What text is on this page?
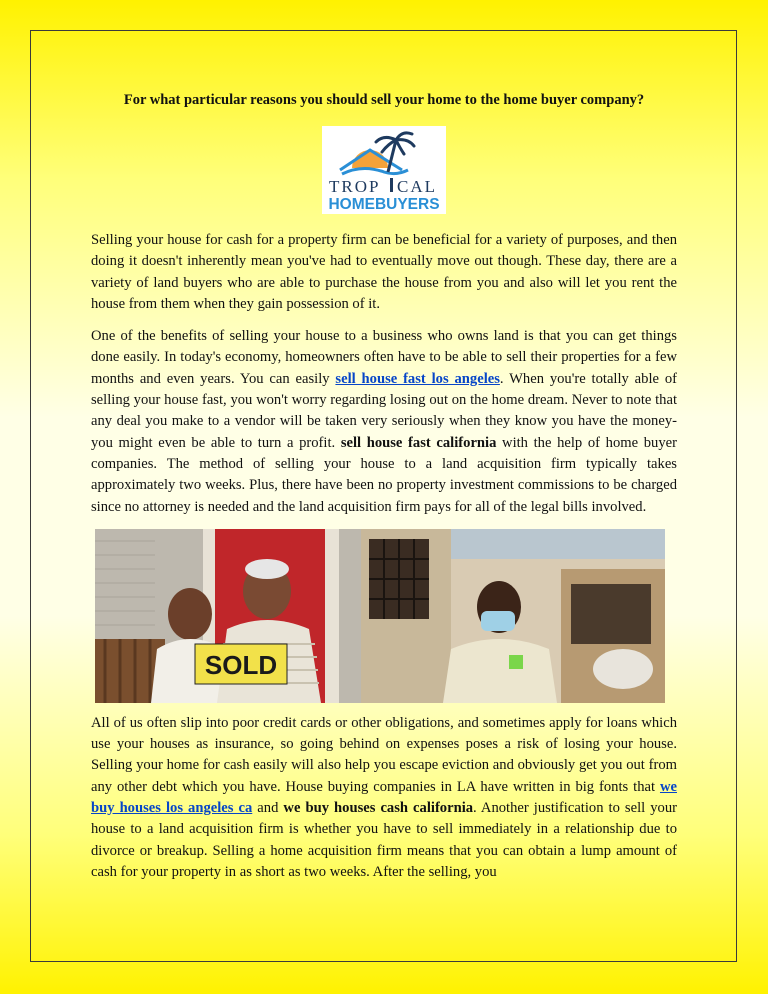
For what particular reasons you should sell your home to the home buyer company?
TROP CAL
HOMEBUYERS

Selling your house for cash for a property firm can be beneficial for a variety of purposes, and then doing it doesn't inherently mean you've had to eventually move out though. These day, there are a variety of land buyers who are able to purchase the house from you and also will let you rent the house from them when they gain possession of it.

One of the benefits of selling your house to a business who owns land is that you can get things done easily. In today's economy, homeowners often have to be able to sell their properties for a few months and even years. You can easily sell house fast los angeles. When you're totally able of selling your house fast, you won't worry regarding losing out on the home dream. Never to note that any deal you make to a vendor will be taken very seriously when they know you have the money-you might even be able to turn a profit. sell house fast california with the help of home buyer companies. The method of selling your house to a land acquisition firm typically takes approximately two weeks. Plus, there have been no property investment commissions to be charged since no attorney is needed and the land acquisition firm pays for all of the legal bills involved.

SOLD

All of us often slip into poor credit cards or other obligations, and sometimes apply for loans which use your houses as insurance, so going behind on expenses poses a risk of losing your house. Selling your home for cash easily will also help you escape eviction and obviously get you out from any other debt which you have. House buying companies in LA have written in big fonts that we buy houses los angeles ca and we buy houses cash california. Another justification to sell your house to a land acquisition firm is whether you have to sell immediately in a relationship due to divorce or breakup. Selling a home acquisition firm means that you can obtain a lump amount of cash for your property in as short as two weeks. After the selling, you
